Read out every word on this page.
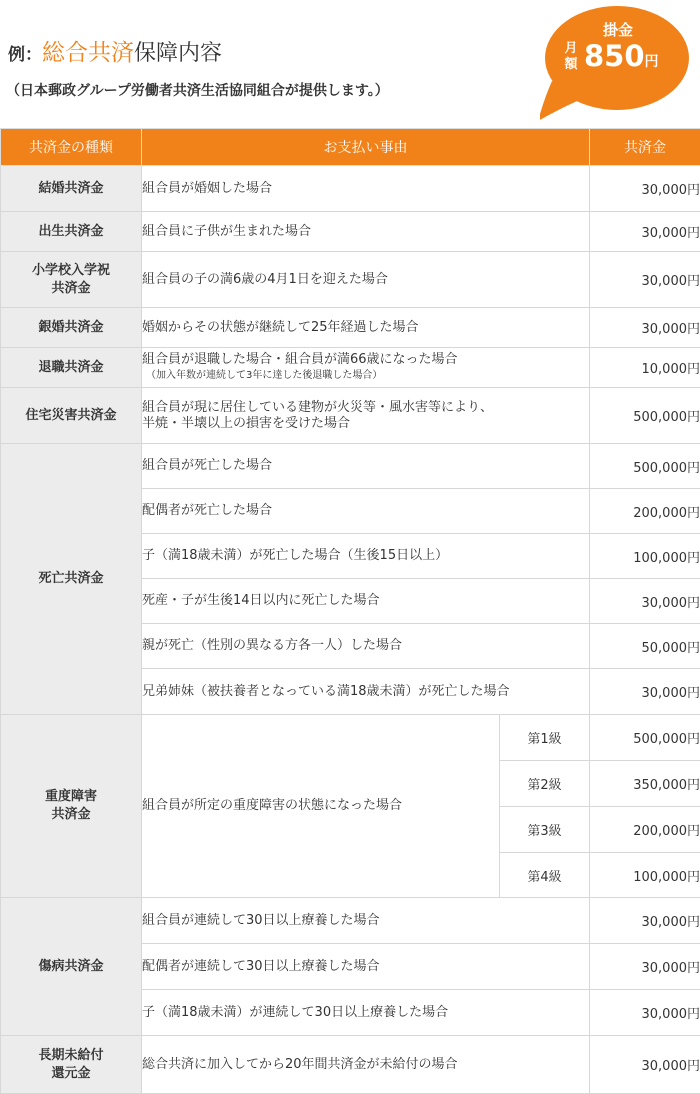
例：総合共済保障内容
（日本郵政グループ労働者共済生活協同組合が提供します。）
掛金
月
額 850円
共済金の種類	お支払い事由		共済金
結婚共済金	組合員が婚姻した場合		30,000円
出生共済金	組合員に子供が生まれた場合		30,000円
小学校入学祝
共済金	組合員の子の満6歳の4月1日を迎えた場合		30,000円
銀婚共済金	婚姻からその状態が継続して25年経過した場合		30,000円
退職共済金	組合員が退職した場合・組合員が満66歳になった場合
（加入年数が連続して3年に達した後退職した場合）		10,000円
住宅災害共済金	組合員が現に居住している建物が火災等・風水害等により、
半焼・半壊以上の損害を受けた場合		500,000円
死亡共済金	組合員が死亡した場合		500,000円
	配偶者が死亡した場合		200,000円
	子（満18歳未満）が死亡した場合（生後15日以上）		100,000円
	死産・子が生後14日以内に死亡した場合		30,000円
	親が死亡（性別の異なる方各一人）した場合		50,000円
	兄弟姉妹（被扶養者となっている満18歳未満）が死亡した場合		30,000円
重度障害
共済金	組合員が所定の重度障害の状態になった場合	第1級	500,000円
		第2級	350,000円
		第3級	200,000円
		第4級	100,000円
傷病共済金	組合員が連続して30日以上療養した場合		30,000円
	配偶者が連続して30日以上療養した場合		30,000円
	子（満18歳未満）が連続して30日以上療養した場合		30,000円
長期未給付
還元金	総合共済に加入してから20年間共済金が未給付の場合		30,000円
